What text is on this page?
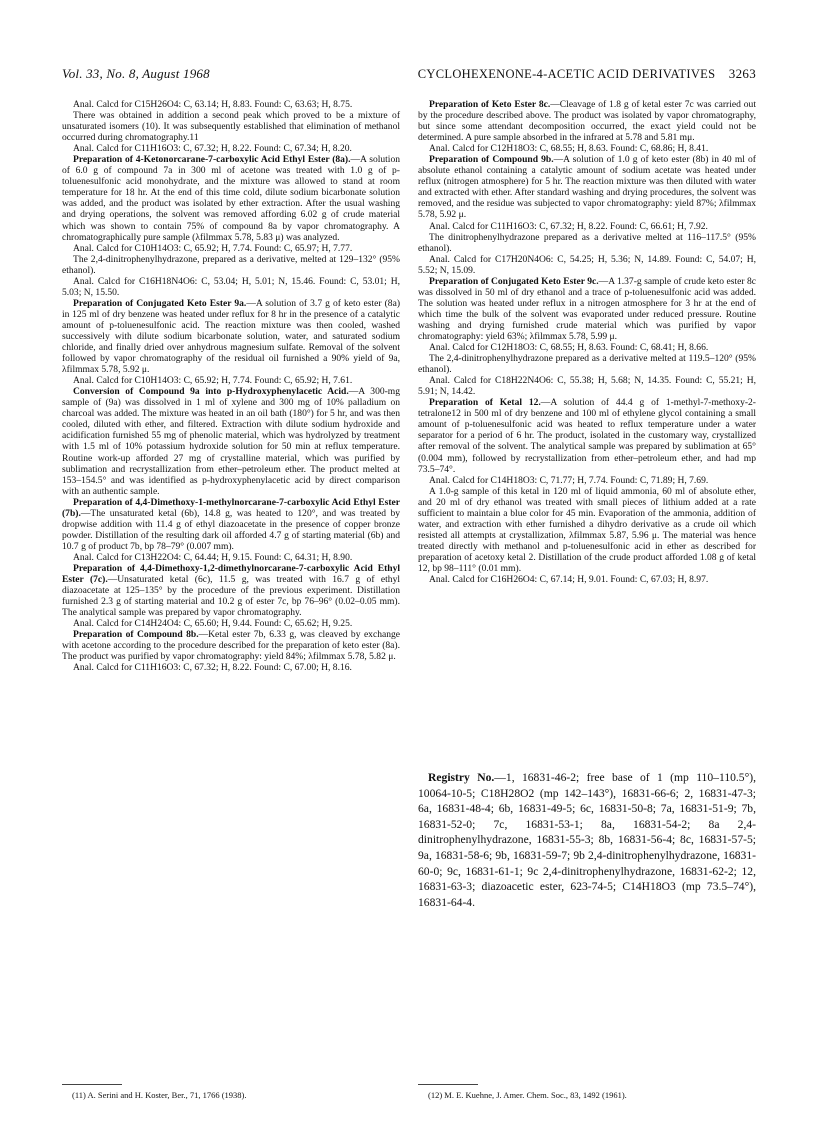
Vol. 33, No. 8, August 1968	CYCLOHEXENONE-4-ACETIC ACID DERIVATIVES 3263

Anal. Calcd for C15H26O4: C, 63.14; H, 8.83. Found: C, 63.63; H, 8.75.

There was obtained in addition a second peak which proved to be a mixture of unsaturated isomers (10). It was subsequently established that elimination of methanol occurred during chromatography.11

Anal. Calcd for C11H16O3: C, 67.32; H, 8.22. Found: C, 67.34; H, 8.20.

Preparation of 4-Ketonorcarane-7-carboxylic Acid Ethyl Ester (8a).—A solution of 6.0 g of compound 7a in 300 ml of acetone was treated with 1.0 g of p-toluenesulfonic acid monohydrate, and the mixture was allowed to stand at room temperature for 18 hr. At the end of this time cold, dilute sodium bicarbonate solution was added, and the product was isolated by ether extraction. After the usual washing and drying operations, the solvent was removed affording 6.02 g of crude material which was shown to contain 75% of compound 8a by vapor chromatography. A chromatographically pure sample (λfilmmax 5.78, 5.83 μ) was analyzed.

Anal. Calcd for C10H14O3: C, 65.92; H, 7.74. Found: C, 65.97; H, 7.77.

The 2,4-dinitrophenylhydrazone, prepared as a derivative, melted at 129–132° (95% ethanol).

Anal. Calcd for C16H18N4O6: C, 53.04; H, 5.01; N, 15.46. Found: C, 53.01; H, 5.03; N, 15.50.

Preparation of Conjugated Keto Ester 9a.—A solution of 3.7 g of keto ester (8a) in 125 ml of dry benzene was heated under reflux for 8 hr in the presence of a catalytic amount of p-toluenesulfonic acid. The reaction mixture was then cooled, washed successively with dilute sodium bicarbonate solution, water, and saturated sodium chloride, and finally dried over anhydrous magnesium sulfate. Removal of the solvent followed by vapor chromatography of the residual oil furnished a 90% yield of 9a, λfilmmax 5.78, 5.92 μ.

Anal. Calcd for C10H14O3: C, 65.92; H, 7.74. Found: C, 65.92; H, 7.61.

Conversion of Compound 9a into p-Hydroxyphenylacetic Acid.—A 300-mg sample of (9a) was dissolved in 1 ml of xylene and 300 mg of 10% palladium on charcoal was added. The mixture was heated in an oil bath (180°) for 5 hr, and was then cooled, diluted with ether, and filtered. Extraction with dilute sodium hydroxide and acidification furnished 55 mg of phenolic material, which was hydrolyzed by treatment with 1.5 ml of 10% potassium hydroxide solution for 50 min at reflux temperature. Routine work-up afforded 27 mg of crystalline material, which was purified by sublimation and recrystallization from ether–petroleum ether. The product melted at 153–154.5° and was identified as p-hydroxyphenylacetic acid by direct comparison with an authentic sample.

Preparation of 4,4-Dimethoxy-1-methylnorcarane-7-carboxylic Acid Ethyl Ester (7b).—The unsaturated ketal (6b), 14.8 g, was heated to 120°, and was treated by dropwise addition with 11.4 g of ethyl diazoacetate in the presence of copper bronze powder. Distillation of the resulting dark oil afforded 4.7 g of starting material (6b) and 10.7 g of product 7b, bp 78–79° (0.007 mm).

Anal. Calcd for C13H22O4: C, 64.44; H, 9.15. Found: C, 64.31; H, 8.90.

Preparation of 4,4-Dimethoxy-1,2-dimethylnorcarane-7-carboxylic Acid Ethyl Ester (7c).—Unsaturated ketal (6c), 11.5 g, was treated with 16.7 g of ethyl diazoacetate at 125–135° by the procedure of the previous experiment. Distillation furnished 2.3 g of starting material and 10.2 g of ester 7c, bp 76–96° (0.02–0.05 mm). The analytical sample was prepared by vapor chromatography.

Anal. Calcd for C14H24O4: C, 65.60; H, 9.44. Found: C, 65.62; H, 9.25.

Preparation of Compound 8b.—Ketal ester 7b, 6.33 g, was cleaved by exchange with acetone according to the procedure described for the preparation of keto ester (8a). The product was purified by vapor chromatography: yield 84%; λfilmmax 5.78, 5.82 μ.

Anal. Calcd for C11H16O3: C, 67.32; H, 8.22. Found: C, 67.00; H, 8.16.

Preparation of Keto Ester 8c.—Cleavage of 1.8 g of ketal ester 7c was carried out by the procedure described above. The product was isolated by vapor chromatography, but since some attendant decomposition occurred, the exact yield could not be determined. A pure sample absorbed in the infrared at 5.78 and 5.81 mμ.

Anal. Calcd for C12H18O3: C, 68.55; H, 8.63. Found: C, 68.86; H, 8.41.

Preparation of Compound 9b.—A solution of 1.0 g of keto ester (8b) in 40 ml of absolute ethanol containing a catalytic amount of sodium acetate was heated under reflux (nitrogen atmosphere) for 5 hr. The reaction mixture was then diluted with water and extracted with ether. After standard washing and drying procedures, the solvent was removed, and the residue was subjected to vapor chromatography: yield 87%; λfilmmax 5.78, 5.92 μ.

Anal. Calcd for C11H16O3: C, 67.32; H, 8.22. Found: C, 66.61; H, 7.92.

The dinitrophenylhydrazone prepared as a derivative melted at 116–117.5° (95% ethanol).

Anal. Calcd for C17H20N4O6: C, 54.25; H, 5.36; N, 14.89. Found: C, 54.07; H, 5.52; N, 15.09.

Preparation of Conjugated Keto Ester 9c.—A 1.37-g sample of crude keto ester 8c was dissolved in 50 ml of dry ethanol and a trace of p-toluenesulfonic acid was added. The solution was heated under reflux in a nitrogen atmosphere for 3 hr at the end of which time the bulk of the solvent was evaporated under reduced pressure. Routine washing and drying furnished crude material which was purified by vapor chromatography: yield 63%; λfilmmax 5.78, 5.99 μ.

Anal. Calcd for C12H18O3: C, 68.55; H, 8.63. Found: C, 68.41; H, 8.66.

The 2,4-dinitrophenylhydrazone prepared as a derivative melted at 119.5–120° (95% ethanol).

Anal. Calcd for C18H22N4O6: C, 55.38; H, 5.68; N, 14.35. Found: C, 55.21; H, 5.91; N, 14.42.

Preparation of Ketal 12.—A solution of 44.4 g of 1-methyl-7-methoxy-2-tetralone12 in 500 ml of dry benzene and 100 ml of ethylene glycol containing a small amount of p-toluenesulfonic acid was heated to reflux temperature under a water separator for a period of 6 hr. The product, isolated in the customary way, crystallized after removal of the solvent. The analytical sample was prepared by sublimation at 65° (0.004 mm), followed by recrystallization from ether–petroleum ether, and had mp 73.5–74°.

Anal. Calcd for C14H18O3: C, 71.77; H, 7.74. Found: C, 71.89; H, 7.69.

A 1.0-g sample of this ketal in 120 ml of liquid ammonia, 60 ml of absolute ether, and 20 ml of dry ethanol was treated with small pieces of lithium added at a rate sufficient to maintain a blue color for 45 min. Evaporation of the ammonia, addition of water, and extraction with ether furnished a dihydro derivative as a crude oil which resisted all attempts at crystallization, λfilmmax 5.87, 5.96 μ. The material was hence treated directly with methanol and p-toluenesulfonic acid in ether as described for preparation of acetoxy ketal 2. Distillation of the crude product afforded 1.08 g of ketal 12, bp 98–111° (0.01 mm).

Anal. Calcd for C16H26O4: C, 67.14; H, 9.01. Found: C, 67.03; H, 8.97.

Registry No.—1, 16831-46-2; free base of 1 (mp 110–110.5°), 10064-10-5; C18H28O2 (mp 142–143°), 16831-66-6; 2, 16831-47-3; 6a, 16831-48-4; 6b, 16831-49-5; 6c, 16831-50-8; 7a, 16831-51-9; 7b, 16831-52-0; 7c, 16831-53-1; 8a, 16831-54-2; 8a 2,4-dinitrophenylhydrazone, 16831-55-3; 8b, 16831-56-4; 8c, 16831-57-5; 9a, 16831-58-6; 9b, 16831-59-7; 9b 2,4-dinitrophenylhydrazone, 16831-60-0; 9c, 16831-61-1; 9c 2,4-dinitrophenylhydrazone, 16831-62-2; 12, 16831-63-3; diazoacetic ester, 623-74-5; C14H18O3 (mp 73.5–74°), 16831-64-4.

(11) A. Serini and H. Koster, Ber., 71, 1766 (1938).	(12) M. E. Kuehne, J. Amer. Chem. Soc., 83, 1492 (1961).
